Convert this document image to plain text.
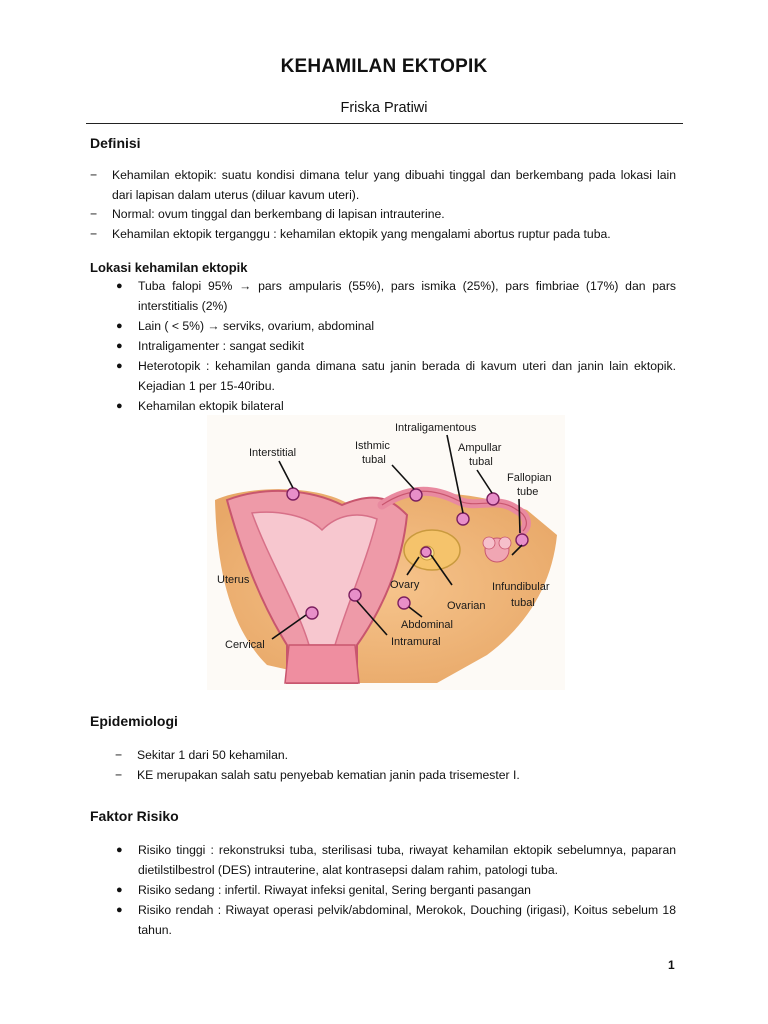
KEHAMILAN EKTOPIK
Friska Pratiwi
Definisi
− Kehamilan ektopik: suatu kondisi dimana telur yang dibuahi tinggal dan berkembang pada lokasi lain dari lapisan dalam uterus (diluar kavum uteri).
− Normal: ovum tinggal dan berkembang di lapisan intrauterine.
− Kehamilan ektopik terganggu : kehamilan ektopik yang mengalami abortus ruptur pada tuba.
Lokasi kehamilan ektopik
● Tuba falopi 95% → pars ampularis (55%), pars ismika (25%), pars fimbriae (17%) dan pars interstitialis (2%)
● Lain ( < 5%) → serviks, ovarium, abdominal
● Intraligamenter : sangat sedikit
● Heterotopik : kehamilan ganda dimana satu janin berada di kavum uteri dan janin lain ektopik. Kejadian 1 per 15-40ribu.
● Kehamilan ektopik bilateral
Intraligamentous
Interstitial
Isthmic
tubal
Ampullar
tubal
Fallopian
tube
Uterus	Ovary
Ovarian
Infundibular
tubal
Abdominal
Cervical	Intramural
Epidemiologi
− Sekitar 1 dari 50 kehamilan.
− KE merupakan salah satu penyebab kematian janin pada trisemester I.
Faktor Risiko
● Risiko tinggi : rekonstruksi tuba, sterilisasi tuba, riwayat kehamilan ektopik sebelumnya, paparan dietilstilbestrol (DES) intrauterine, alat kontrasepsi dalam rahim, patologi tuba.
● Risiko sedang : infertil. Riwayat infeksi genital, Sering berganti pasangan
● Risiko rendah : Riwayat operasi pelvik/abdominal, Merokok, Douching (irigasi), Koitus sebelum 18 tahun.
1
